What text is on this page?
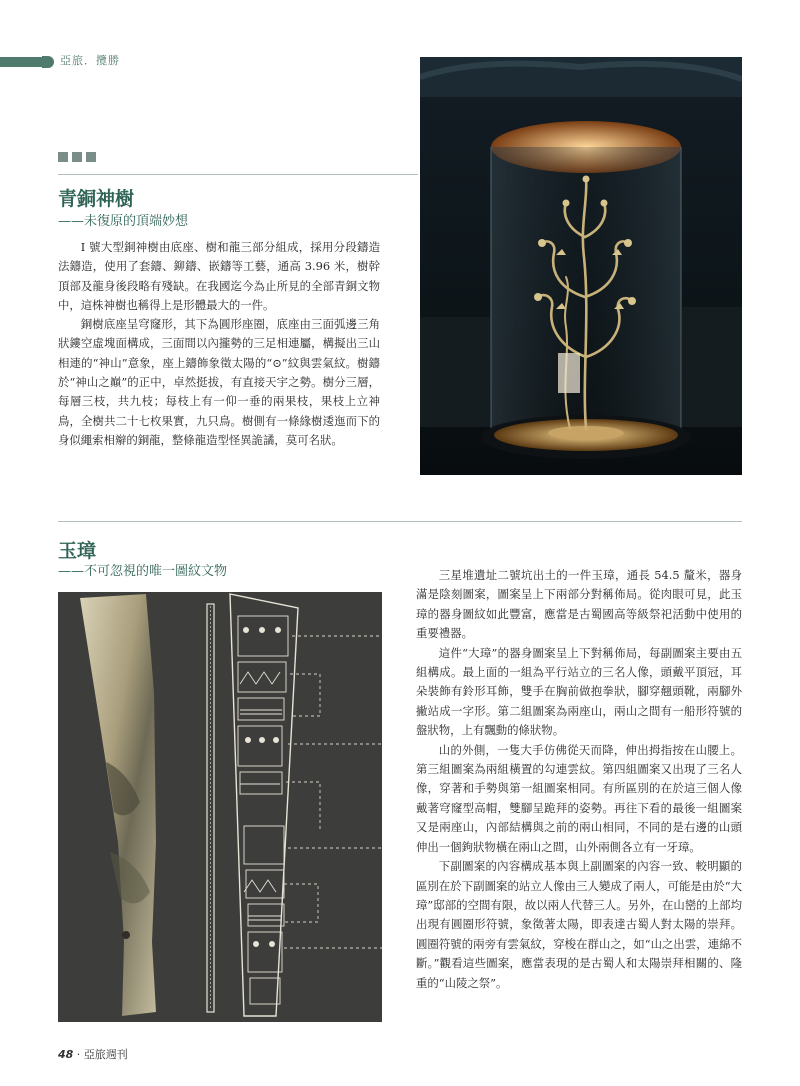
亞旅．攬勝
青銅神樹
——未復原的頂端妙想

I 號大型銅神樹由底座、樹和龍三部分組成，採用分段鑄造法鑄造，使用了套鑄、鉚鑄、嵌鑄等工藝，通高 3.96 米，樹幹頂部及龍身後段略有殘缺。在我國迄今為止所見的全部青銅文物中，這株神樹也稱得上是形體最大的一件。

銅樹底座呈穹窿形，其下為圓形座圈，底座由三面弧邊三角狀鏤空虛塊面構成，三面間以內攏勢的三足相連屬，構擬出三山相連的“神山”意象，座上鑄飾象徵太陽的“⊙”紋與雲氣紋。樹鑄於“神山之巔”的正中，卓然挺拔，有直接天宇之勢。樹分三層，每層三枝，共九枝；每枝上有一仰一垂的兩果枝，果枝上立神鳥，全樹共二十七枚果實，九只鳥。樹側有一條緣樹逶迤而下的身似繩索相辮的銅龍，整條龍造型怪異詭譎，莫可名狀。

玉璋
——不可忽視的唯一圖紋文物	三星堆遺址二號坑出土的一件玉璋，通長 54.5 釐米，器身滿是陰刻圖案，圖案呈上下兩部分對稱佈局。從肉眼可見，此玉璋的器身圖紋如此豐富，應當是古蜀國高等級祭祀活動中使用的重要禮器。

這件“大璋”的器身圖案呈上下對稱佈局，每副圖案主要由五組構成。最上面的一組為平行站立的三名人像，頭戴平頂冠，耳朵裝飾有鈴形耳飾，雙手在胸前做抱拳狀，腳穿翹頭靴，兩腳外撇站成一字形。第二組圖案為兩座山，兩山之間有一船形符號的盤狀物，上有飄動的條狀物。

山的外側，一隻大手仿佛從天而降，伸出拇指按在山腰上。第三組圖案為兩組橫置的勾連雲紋。第四組圖案又出現了三名人像，穿著和手勢與第一組圖案相同。有所區別的在於這三個人像戴著穹窿型高帽，雙腳呈跪拜的姿勢。再往下看的最後一組圖案又是兩座山，內部結構與之前的兩山相同，不同的是右邊的山頭伸出一個鉤狀物橫在兩山之間，山外兩側各立有一牙璋。

下副圖案的內容構成基本與上副圖案的內容一致、較明顯的區別在於下副圖案的站立人像由三人變成了兩人，可能是由於“大璋”邸部的空間有限，故以兩人代替三人。另外，在山巒的上部均出現有圓圈形符號，象徵著太陽，即表達古蜀人對太陽的崇拜。圓圈符號的兩旁有雲氣紋，穿梭在群山之，如“山之出雲，連綿不斷。”觀看這些圖案，應當表現的是古蜀人和太陽崇拜相關的、隆重的“山陵之祭”。

48 · 亞旅週刊
